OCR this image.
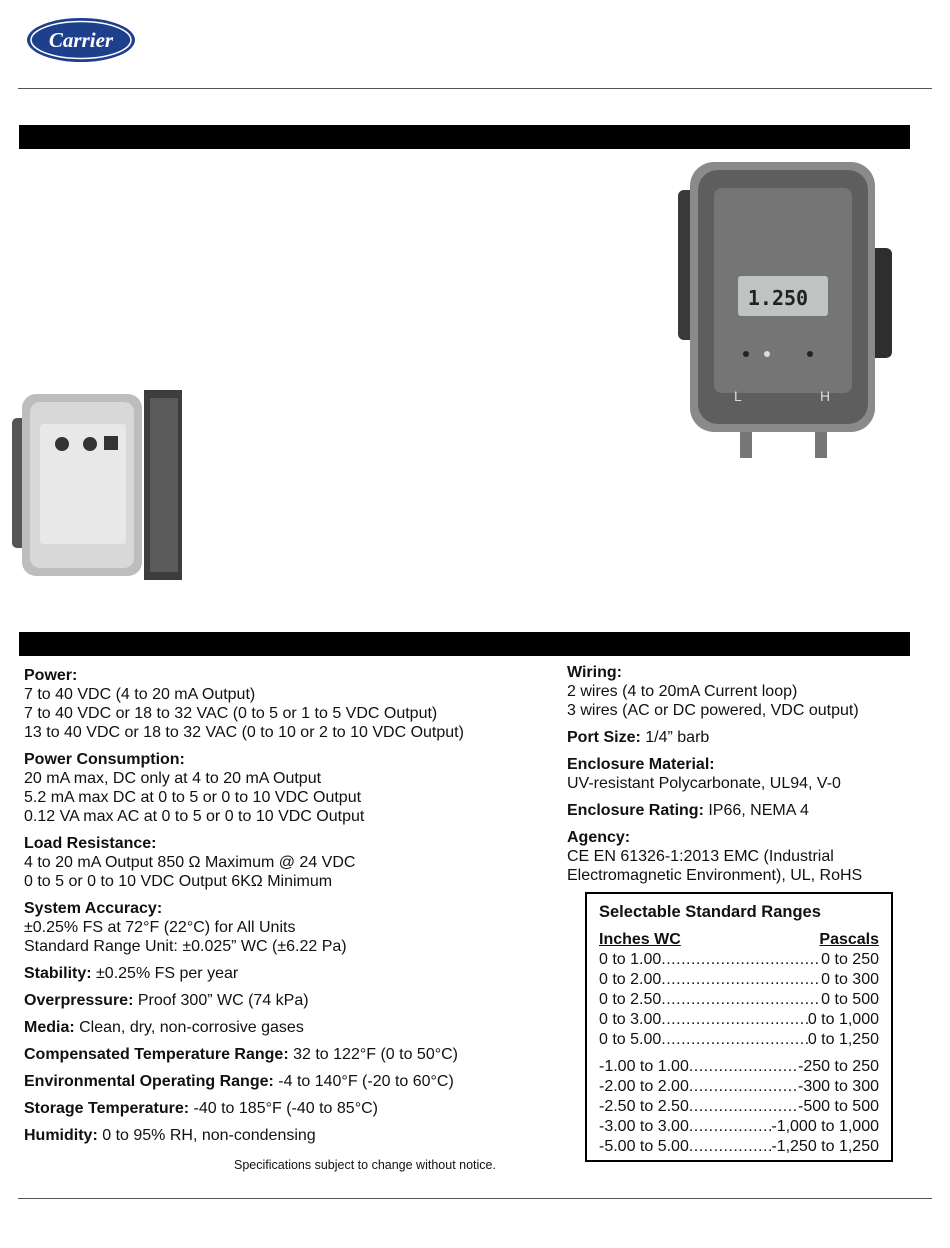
Carrier
1.250
L	H

Power:

7 to 40 VDC (4 to 20 mA Output)

7 to 40 VDC or 18 to 32 VAC (0 to 5 or 1 to 5 VDC Output)

13 to 40 VDC or 18 to 32 VAC (0 to 10 or 2 to 10 VDC Output)

Power Consumption:

20 mA max, DC only at 4 to 20 mA Output

5.2 mA max DC at 0 to 5 or 0 to 10 VDC Output

0.12 VA max AC at 0 to 5 or 0 to 10 VDC Output

Load Resistance:

4 to 20 mA Output 850 Ω Maximum @ 24 VDC

0 to 5 or 0 to 10 VDC Output 6KΩ Minimum

System Accuracy:

±0.25% FS at 72°F (22°C) for All Units

Standard Range Unit: ±0.025” WC (±6.22 Pa)

Stability: ±0.25% FS per year

Overpressure: Proof 300” WC (74 kPa)

Media: Clean, dry, non-corrosive gases

Compensated Temperature Range: 32 to 122°F (0 to 50°C)

Environmental Operating Range: -4 to 140°F (-20 to 60°C)

Storage Temperature: -40 to 185°F (-40 to 85°C)

Humidity: 0 to 95% RH, non-condensing

Wiring:

2 wires (4 to 20mA Current loop)

3 wires (AC or DC powered, VDC output)

Port Size: 1/4” barb

Enclosure Material:

UV-resistant Polycarbonate, UL94, V-0

Enclosure Rating: IP66, NEMA 4

Agency:

CE EN 61326-1:2013 EMC (Industrial

Electromagnetic Environment), UL, RoHS

Selectable Standard Ranges
Inches WC	Pascals
0 to 1.00 .....	0 to 250
0 to 2.00 .....	0 to 300
0 to 2.50 .....	0 to 500
0 to 3.00 .....	0 to 1,000
0 to 5.00 .....	0 to 1,250
-1.00 to 1.00 .....	-250 to 250
-2.00 to 2.00 .....	-300 to 300
-2.50 to 2.50 .....	-500 to 500
-3.00 to 3.00 .....	-1,000 to 1,000
-5.00 to 5.00 .....	-1,250 to 1,250
Specifications subject to change without notice.
